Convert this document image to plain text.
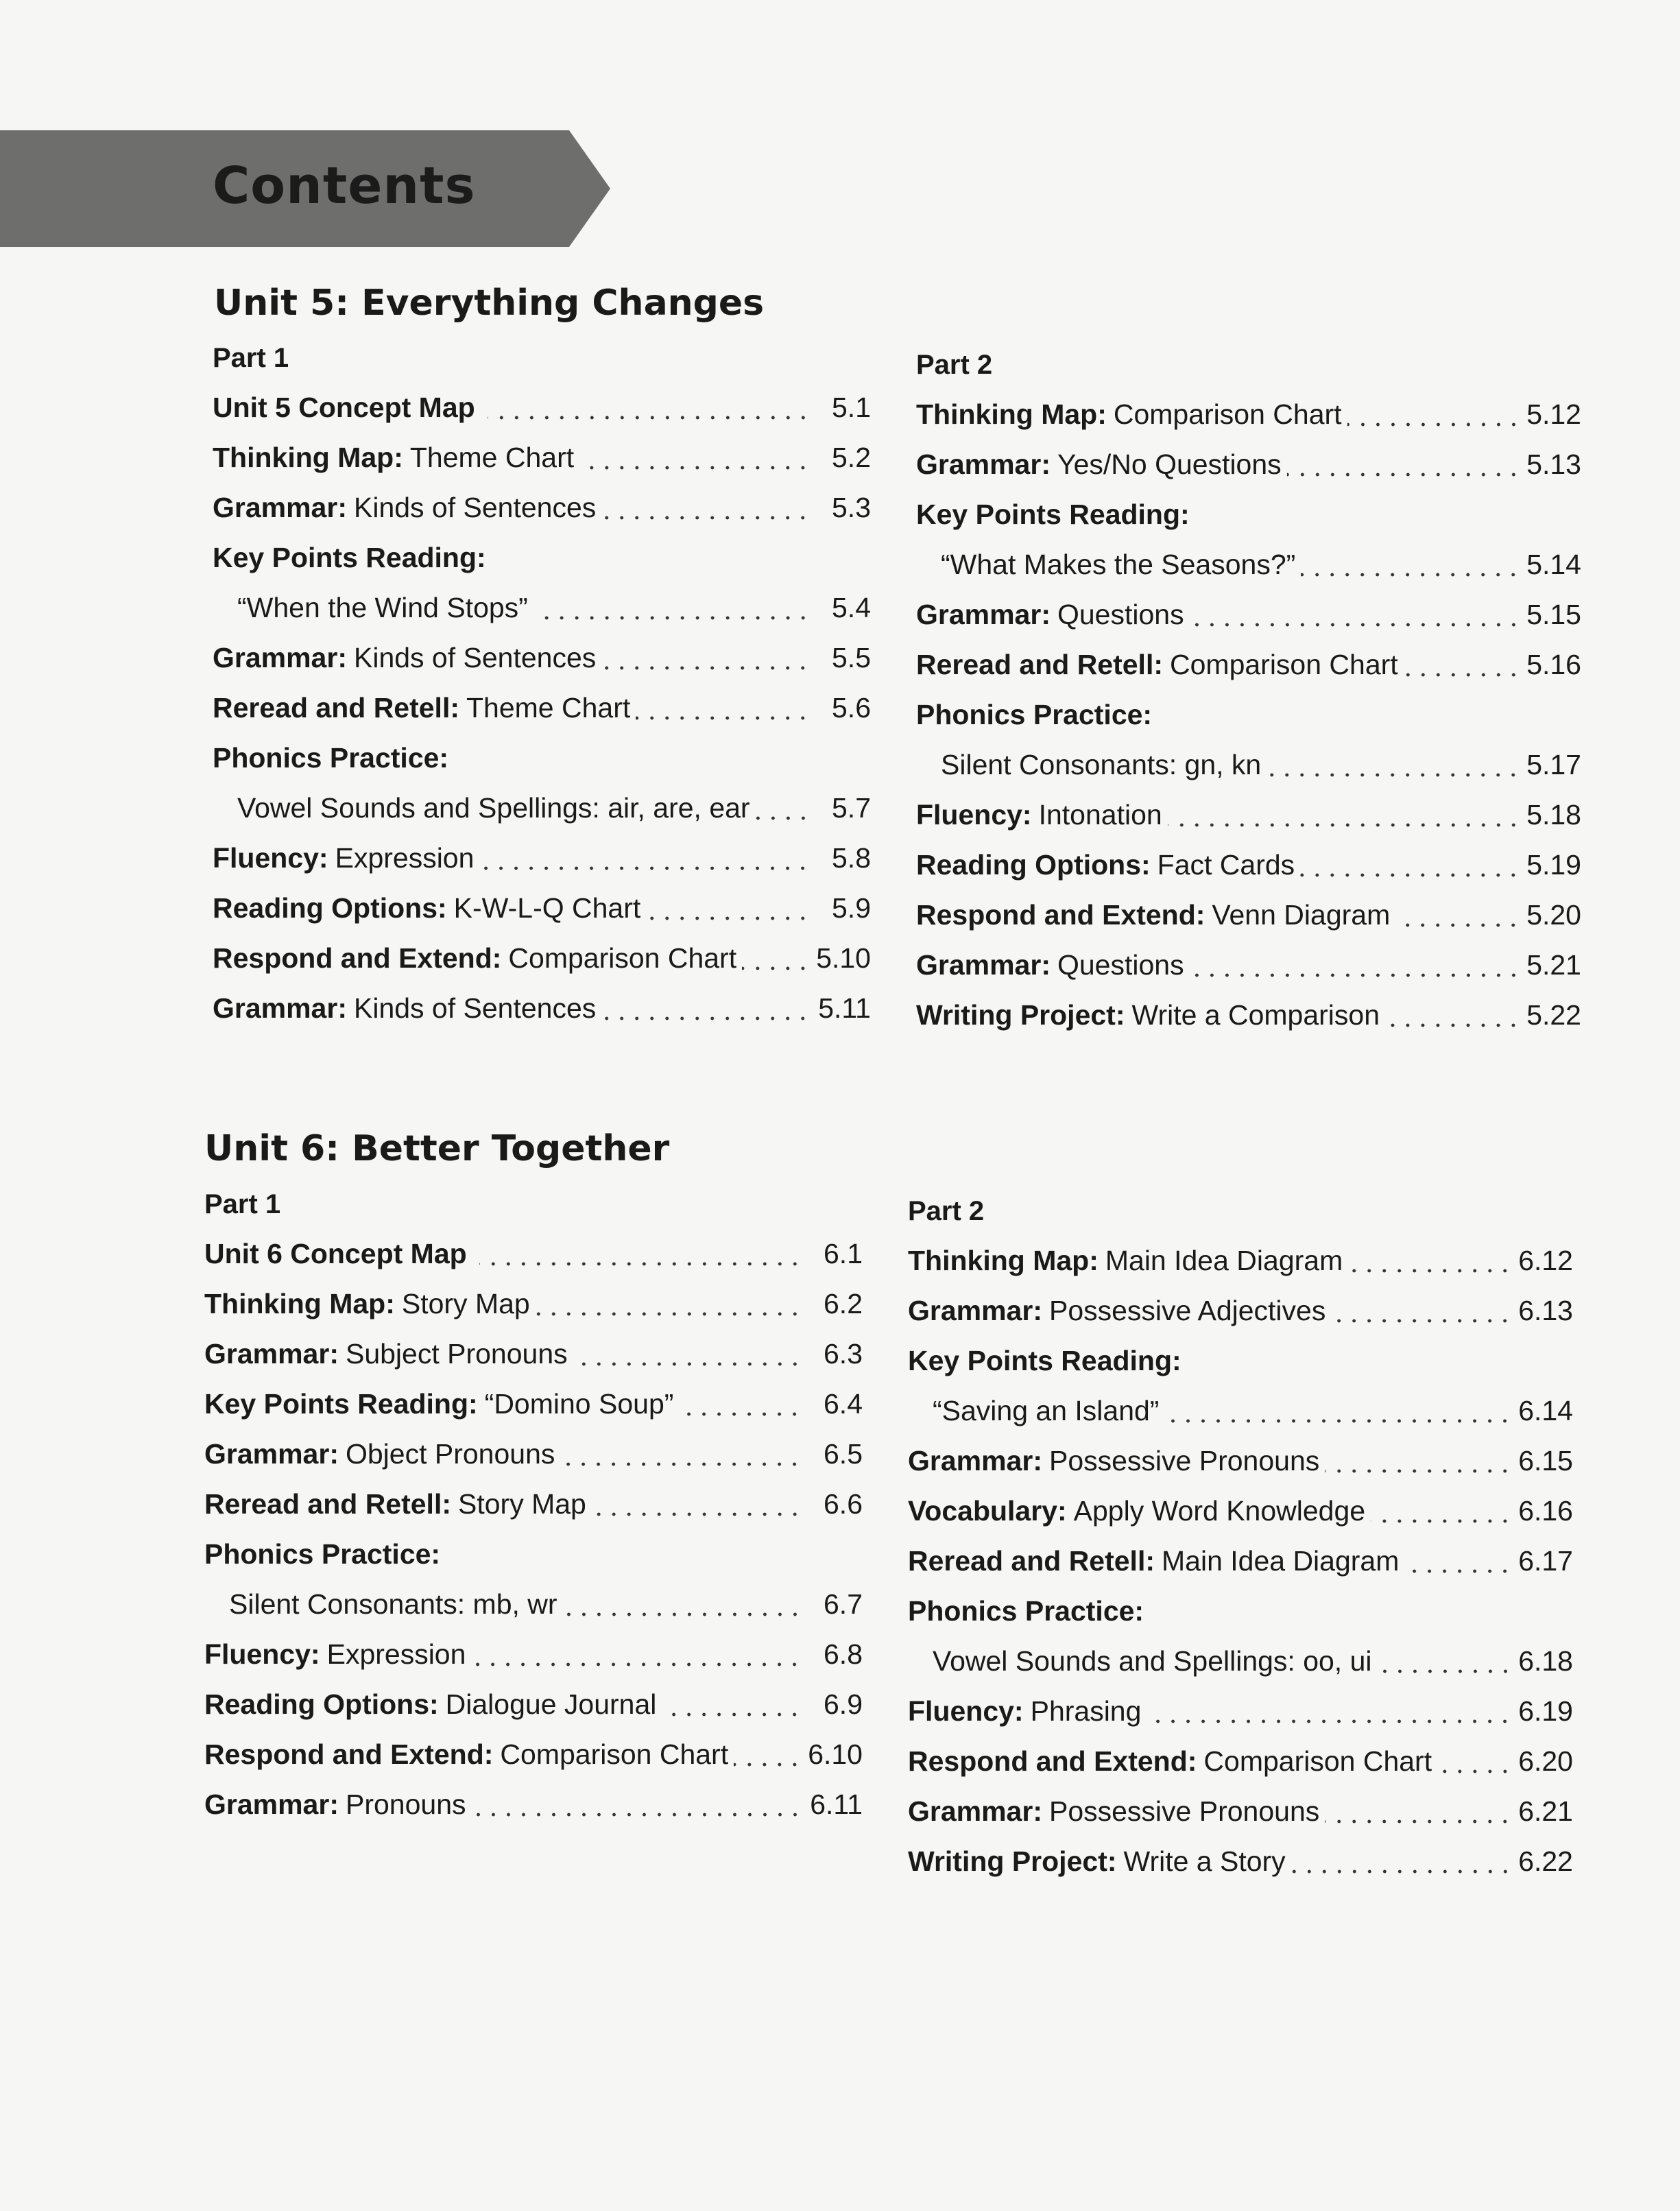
Contents
Unit 5: Everything Changes
Part 1
Unit 5 Concept Map	5.1
Thinking Map: Theme Chart	5.2
Grammar: Kinds of Sentences	5.3
Key Points Reading:
“When the Wind Stops”	5.4
Grammar: Kinds of Sentences	5.5
Reread and Retell: Theme Chart	5.6
Phonics Practice:
Vowel Sounds and Spellings: air, are, ear	5.7
Fluency: Expression	5.8
Reading Options: K-W-L-Q Chart	5.9
Respond and Extend: Comparison Chart	5.10
Grammar: Kinds of Sentences	5.11
Part 2
Thinking Map: Comparison Chart	5.12
Grammar: Yes/No Questions	5.13
Key Points Reading:
“What Makes the Seasons?”	5.14
Grammar: Questions	5.15
Reread and Retell: Comparison Chart	5.16
Phonics Practice:
Silent Consonants: gn, kn	5.17
Fluency: Intonation	5.18
Reading Options: Fact Cards	5.19
Respond and Extend: Venn Diagram	5.20
Grammar: Questions	5.21
Writing Project: Write a Comparison	5.22
Unit 6: Better Together
Part 1
Unit 6 Concept Map	6.1
Thinking Map: Story Map	6.2
Grammar: Subject Pronouns	6.3
Key Points Reading: “Domino Soup”	6.4
Grammar: Object Pronouns	6.5
Reread and Retell: Story Map	6.6
Phonics Practice:
Silent Consonants: mb, wr	6.7
Fluency: Expression	6.8
Reading Options: Dialogue Journal	6.9
Respond and Extend: Comparison Chart	6.10
Grammar: Pronouns	6.11
Part 2
Thinking Map: Main Idea Diagram	6.12
Grammar: Possessive Adjectives	6.13
Key Points Reading:
“Saving an Island”	6.14
Grammar: Possessive Pronouns	6.15
Vocabulary: Apply Word Knowledge	6.16
Reread and Retell: Main Idea Diagram	6.17
Phonics Practice:
Vowel Sounds and Spellings: oo, ui	6.18
Fluency: Phrasing	6.19
Respond and Extend: Comparison Chart	6.20
Grammar: Possessive Pronouns	6.21
Writing Project: Write a Story	6.22
